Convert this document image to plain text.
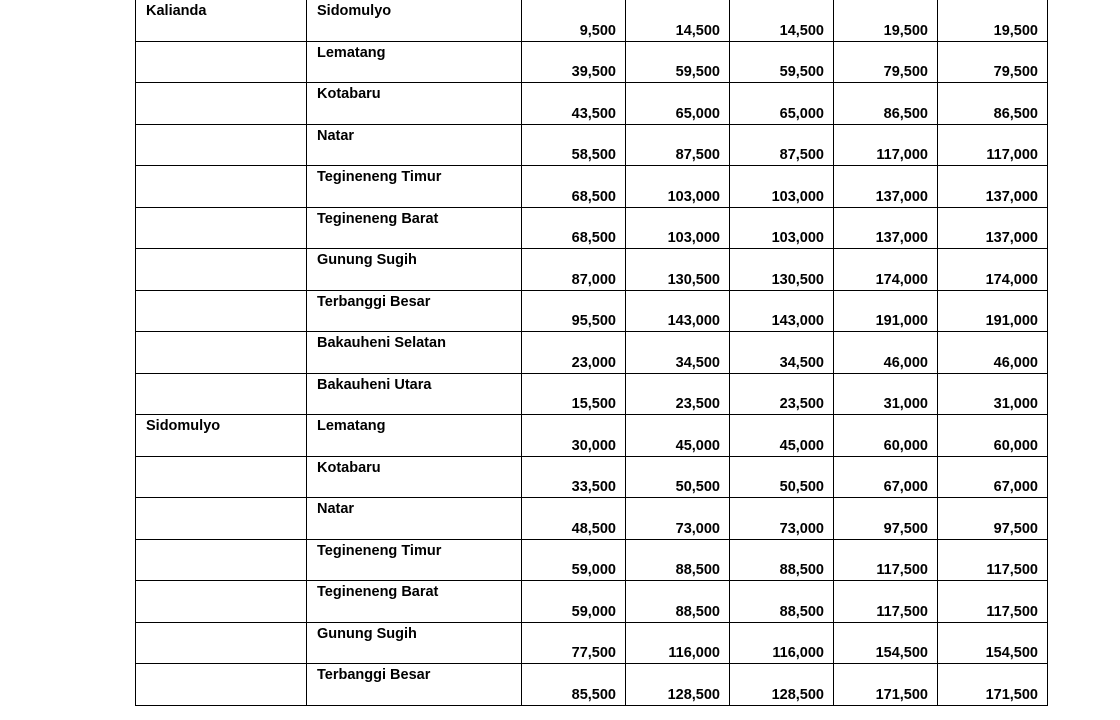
Kalianda	Sidomulyo	9,500	14,500	14,500	19,500	19,500
	Lematang	39,500	59,500	59,500	79,500	79,500
	Kotabaru	43,500	65,000	65,000	86,500	86,500
	Natar	58,500	87,500	87,500	117,000	117,000
	Tegineneng Timur	68,500	103,000	103,000	137,000	137,000
	Tegineneng Barat	68,500	103,000	103,000	137,000	137,000
	Gunung Sugih	87,000	130,500	130,500	174,000	174,000
	Terbanggi Besar	95,500	143,000	143,000	191,000	191,000
	Bakauheni Selatan	23,000	34,500	34,500	46,000	46,000
	Bakauheni Utara	15,500	23,500	23,500	31,000	31,000
Sidomulyo	Lematang	30,000	45,000	45,000	60,000	60,000
	Kotabaru	33,500	50,500	50,500	67,000	67,000
	Natar	48,500	73,000	73,000	97,500	97,500
	Tegineneng Timur	59,000	88,500	88,500	117,500	117,500
	Tegineneng Barat	59,000	88,500	88,500	117,500	117,500
	Gunung Sugih	77,500	116,000	116,000	154,500	154,500
	Terbanggi Besar	85,500	128,500	128,500	171,500	171,500
